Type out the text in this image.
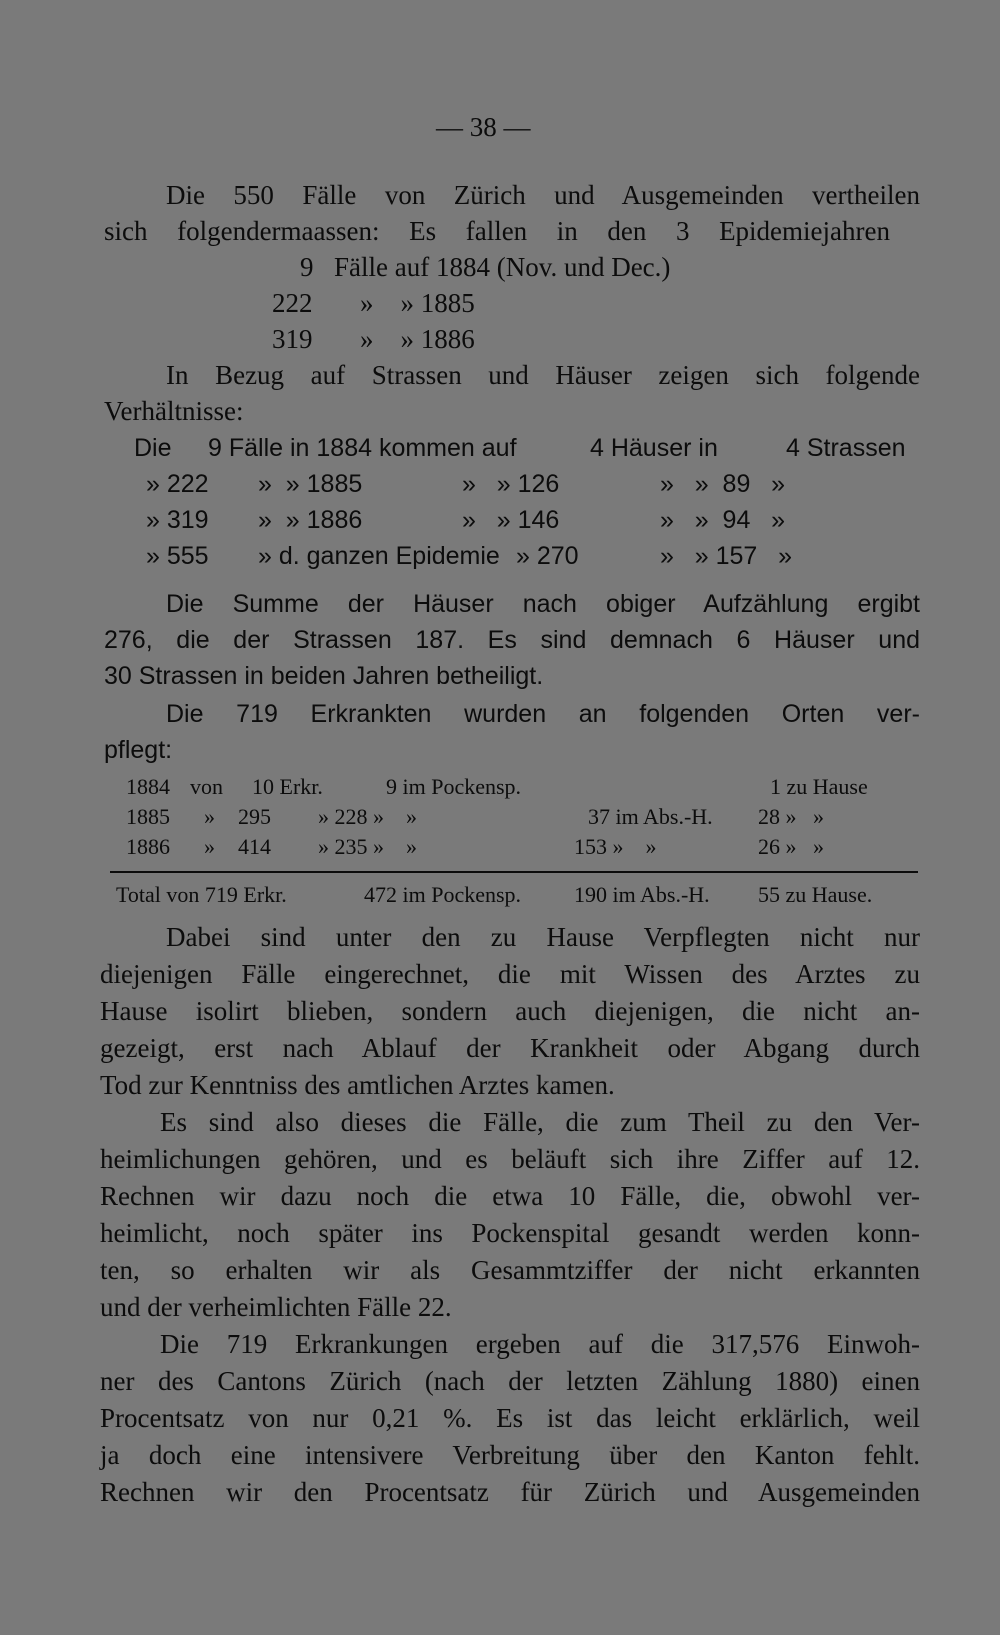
— 38 —
Die 550 Fälle von Zürich und Ausgemeinden vertheilen
sich folgendermaassen: Es fallen in den 3 Epidemiejahren
9 Fälle auf 1884 (Nov. und Dec.)
222 »    » 1885
319 »    » 1886
In Bezug auf Strassen und Häuser zeigen sich folgende
Verhältnisse:
Die 9 Fälle in 1884 kommen auf	4 Häuser in	4 Strassen
» 222 »  » 1885	»   » 126	»   »  89   »
» 319 »  » 1886	»   » 146	»   »  94   »
» 555 » d. ganzen Epidemie » 270	»   » 157   »
Die Summe der Häuser nach obiger Aufzählung ergibt
276, die der Strassen 187. Es sind demnach 6 Häuser und
30 Strassen in beiden Jahren betheiligt.
Die 719 Erkrankten wurden an folgenden Orten ver-
pflegt:
1884 von 10 Erkr.	9 im Pockensp.	1 zu Hause
1885 » 295 » 228 »    »	37 im Abs.-H. 28 »   »
1886 » 414 » 235 »    »	153 »    »	26 »   »
Total von 719 Erkr.	472 im Pockensp. 190 im Abs.-H. 55 zu Hause.
Dabei sind unter den zu Hause Verpflegten nicht nur
diejenigen Fälle eingerechnet, die mit Wissen des Arztes zu
Hause isolirt blieben, sondern auch diejenigen, die nicht an-
gezeigt, erst nach Ablauf der Krankheit oder Abgang durch
Tod zur Kenntniss des amtlichen Arztes kamen.
Es sind also dieses die Fälle, die zum Theil zu den Ver-
heimlichungen gehören, und es beläuft sich ihre Ziffer auf 12.
Rechnen wir dazu noch die etwa 10 Fälle, die, obwohl ver-
heimlicht, noch später ins Pockenspital gesandt werden konn-
ten, so erhalten wir als Gesammtziffer der nicht erkannten
und der verheimlichten Fälle 22.
Die 719 Erkrankungen ergeben auf die 317,576 Einwoh-
ner des Cantons Zürich (nach der letzten Zählung 1880) einen
Procentsatz von nur 0,21 %. Es ist das leicht erklärlich, weil
ja doch eine intensivere Verbreitung über den Kanton fehlt.
Rechnen wir den Procentsatz für Zürich und Ausgemeinden
